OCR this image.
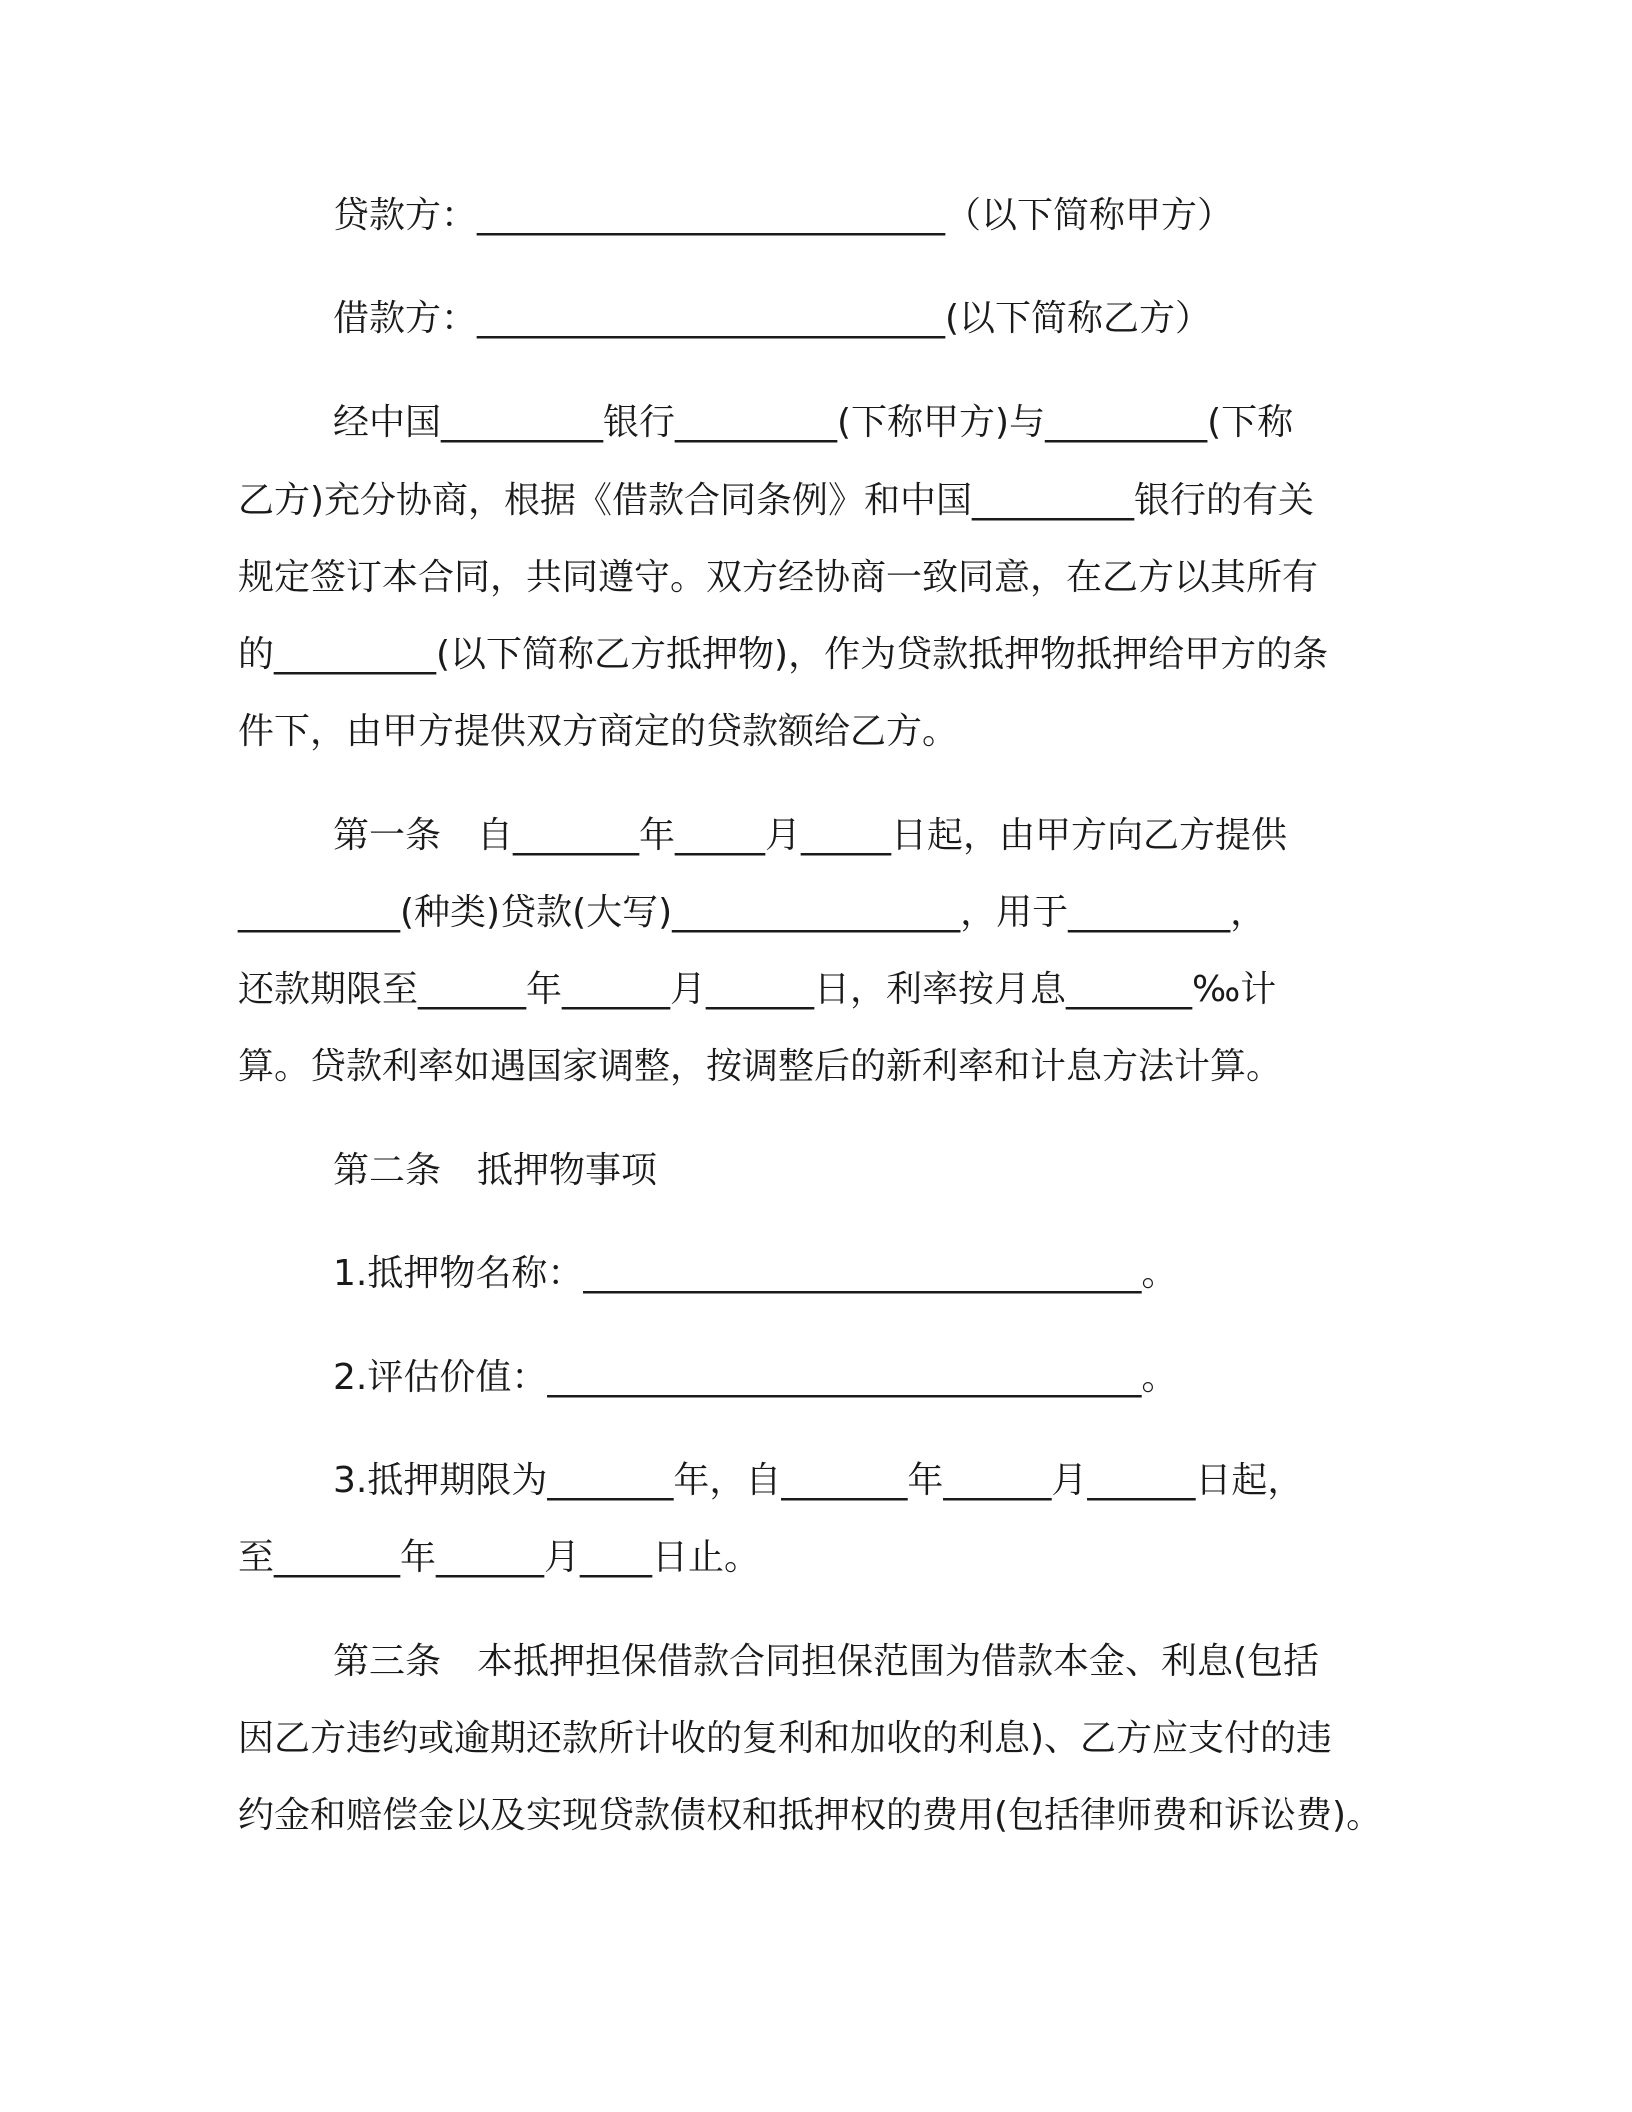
贷款方：__________________________（以下简称甲方）
借款方：__________________________(以下简称乙方）
经中国_________银行_________(下称甲方)与_________(下称
乙方)充分协商，根据《借款合同条例》和中国_________银行的有关
规定签订本合同，共同遵守。双方经协商一致同意，在乙方以其所有
的_________(以下简称乙方抵押物)，作为贷款抵押物抵押给甲方的条
件下，由甲方提供双方商定的贷款额给乙方。
第一条　自_______年_____月_____日起，由甲方向乙方提供
_________(种类)贷款(大写)________________，用于_________，
还款期限至______年______月______日，利率按月息_______‰计
算。贷款利率如遇国家调整，按调整后的新利率和计息方法计算。
第二条　抵押物事项
1.抵押物名称：_______________________________。
2.评估价值：_________________________________。
3.抵押期限为_______年，自_______年______月______日起，
至_______年______月____日止。
第三条　本抵押担保借款合同担保范围为借款本金、利息(包括
因乙方违约或逾期还款所计收的复利和加收的利息)、乙方应支付的违
约金和赔偿金以及实现贷款债权和抵押权的费用(包括律师费和诉讼费)。
